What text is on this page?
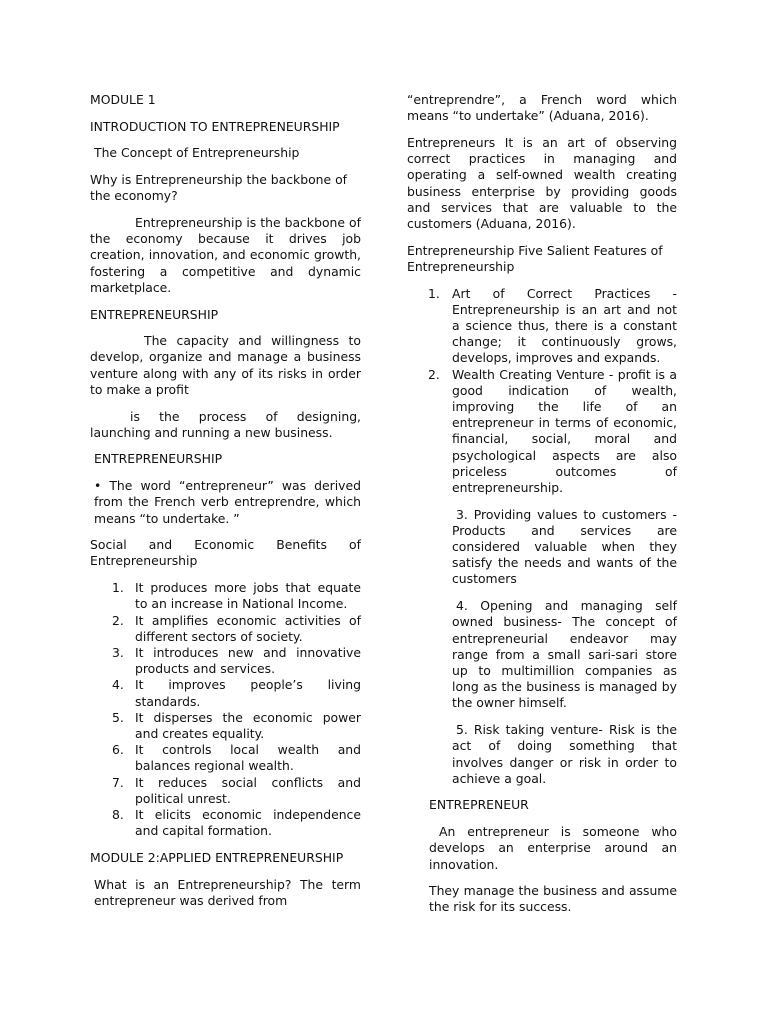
MODULE 1

INTRODUCTION TO ENTREPRENEURSHIP

The Concept of Entrepreneurship

Why is Entrepreneurship the backbone of the economy?

Entrepreneurship is the backbone of the economy because it drives job creation, innovation, and economic growth, fostering a competitive and dynamic marketplace.

ENTREPRENEURSHIP

The capacity and willingness to develop, organize and manage a business venture along with any of its risks in order to make a profit

is the process of designing, launching and running a new business.

ENTREPRENEURSHIP

• The word “entrepreneur” was derived from the French verb entreprendre, which means “to undertake. ”

Social and Economic Benefits of Entrepreneurship

1. It produces more jobs that equate to an increase in National Income.
2. It amplifies economic activities of different sectors of society.
3. It introduces new and innovative products and services.
4. It improves people’s living standards.
5. It disperses the economic power and creates equality.
6. It controls local wealth and balances regional wealth.
7. It reduces social conflicts and political unrest.
8. It elicits economic independence and capital formation.

MODULE 2:APPLIED ENTREPRENEURSHIP

What is an Entrepreneurship? The term entrepreneur was derived from

“entreprendre”, a French word which means “to undertake” (Aduana, 2016).

Entrepreneurs It is an art of observing correct practices in managing and operating a self-owned wealth creating business enterprise by providing goods and services that are valuable to the customers (Aduana, 2016).

Entrepreneurship Five Salient Features of Entrepreneurship

1. Art of Correct Practices - Entrepreneurship is an art and not a science thus, there is a constant change; it continuously grows, develops, improves and expands.
2. Wealth Creating Venture - profit is a good indication of wealth, improving the life of an entrepreneur in terms of economic, financial, social, moral and psychological aspects are also priceless outcomes of entrepreneurship.

3. Providing values to customers - Products and services are considered valuable when they satisfy the needs and wants of the customers

4. Opening and managing self owned business- The concept of entrepreneurial endeavor may range from a small sari-sari store up to multimillion companies as long as the business is managed by the owner himself.

5. Risk taking venture- Risk is the act of doing something that involves danger or risk in order to achieve a goal.

ENTREPRENEUR

An entrepreneur is someone who develops an enterprise around an innovation.

They manage the business and assume the risk for its success.
